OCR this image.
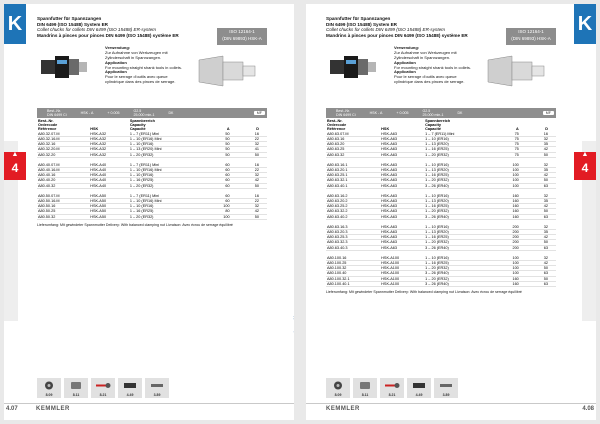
K
▲
4
Spannfutter für Spannzangen
DIN 6499 (ISO 15488) System ER
Collet chucks for collets DIN 6499 (ISO 15488) ER-system
Mandrins à pinces pour pinces DIN 6499 (ISO 15488) système ER
ISO 12164-1
(DIN 69893) HSK-A
Verwendung:
Zur Aufnahme von Werkzeugen mit
Zylinderschaft in Spannzangen.
Application
For mounting straight shank tools in collets.
Application
Pour le serrage d'outils avec queue
cylindrique dans des pinces de serrage.
Best.-Nr.
DIN 6499 Ci	HSK - A	+ 0.005	G2.5
25.000 min-1	DK	MF
Best.-Nr.
Ordercode
Référence	HSK	Spannbereich
Capacity
Capacité	A	D
A80.32.07.M	HSK-A32	1 – 7 (ER11) Mini	50	16
A80.32.16.M	HSK-A32	1 – 10 (ER16) Mini	50	22
A80.32.16	HSK-A32	1 – 10 (ER16)	50	32
A80.32.20.M	HSK-A32	1 – 13 (ER20) Mini	50	41
A80.32.20	HSK-A32	1 – 20 (ER32)	50	50

A80.40.07.M	HSK-A40	1 – 7 (ER11) Mini	60	16
A80.40.16.M	HSK-A40	1 – 10 (ER16) Mini	60	22
A80.40.16	HSK-A40	1 – 10 (ER16)	60	32
A80.40.20	HSK-A40	1 – 16 (ER25)	60	42
A80.40.32	HSK-A40	1 – 20 (ER32)	60	50

A80.50.07.M	HSK-A50	1 – 7 (ER11) Mini	60	16
A80.50.16.M	HSK-A50	1 – 10 (ER16) Mini	60	22
A80.50.16	HSK-A50	1 – 10 (ER16)	100	32
A80.50.25	HSK-A50	1 – 16 (ER25)	80	42
A80.50.32	HSK-A50	1 – 20 (ER32)	100	50
Lieferumfang: Mit gewindeter Spannmutter Delivery: With balanced clamping nut Livraison: Avec écrou de serrage équilibré
8.09	8.11	8.21	4.49	3.89
4.07	KEMMLER
K
▲
4
Spannfutter für Spannzangen
DIN 6499 (ISO 15488) System ER
Collet chucks for collets DIN 6499 (ISO 15488) ER-system
Mandrins à pinces pour pinces DIN 6499 (ISO 15488) système ER
ISO 12164-1
(DIN 69893) HSK-A
Verwendung:
Zur Aufnahme von Werkzeugen mit
Zylinderschaft in Spannzangen.
Application
For mounting straight shank tools in collets.
Application
Pour le serrage d'outils avec queue
cylindrique dans des pinces de serrage.
Best.-Nr.
DIN 6499 Ci	HSK - A	+ 0.005	G2.5
25.000 min-1	DK	MF
Best.-Nr.
Ordercode
Référence	HSK	Spannbereich
Capacity
Capacité	A	D
A80.63.07.M	HSK-A63	1 – 7 (ER11) Mini	75	16
A80.63.16	HSK-A63	1 – 10 (ER16)	75	32
A80.63.20	HSK-A63	1 – 13 (ER20)	75	35
A80.63.25	HSK-A63	1 – 16 (ER25)	75	42
A80.63.32	HSK-A63	1 – 20 (ER32)	75	50

A80.63.16.1	HSK-A63	1 – 10 (ER16)	100	32
A80.63.20.1	HSK-A63	1 – 13 (ER20)	100	35
A80.63.25.1	HSK-A63	1 – 16 (ER25)	100	42
A80.63.32.1	HSK-A63	1 – 20 (ER32)	100	50
A80.63.40.1	HSK-A63	3 – 26 (ER40)	100	63

A80.63.16.2	HSK-A63	1 – 10 (ER16)	160	32
A80.63.20.2	HSK-A63	1 – 13 (ER20)	160	35
A80.63.25.2	HSK-A63	1 – 16 (ER25)	160	42
A80.63.32.2	HSK-A63	1 – 20 (ER32)	160	50
A80.63.40.2	HSK-A63	3 – 26 (ER40)	160	63

A80.63.16.3	HSK-A63	1 – 10 (ER16)	200	32
A80.63.20.3	HSK-A63	1 – 13 (ER20)	200	35
A80.63.25.3	HSK-A63	1 – 16 (ER25)	200	42
A80.63.32.3	HSK-A63	1 – 20 (ER32)	200	50
A80.63.40.3	HSK-A63	3 – 26 (ER40)	200	63

A80.100.16	HSK-A100	1 – 10 (ER16)	100	32
A80.100.25	HSK-A100	1 – 16 (ER25)	100	42
A80.100.32	HSK-A100	1 – 20 (ER32)	100	50
A80.100.40	HSK-A100	3 – 26 (ER40)	100	63
A80.100.32.1	HSK-A100	1 – 20 (ER32)	160	50
A80.100.40.1	HSK-A100	3 – 26 (ER40)	160	63
Lieferumfang: Mit gewindeter Spannmutter Delivery: With balanced clamping nut Livraison: Avec écrou de serrage équilibré
8.09	8.11	8.21	4.49	3.89
KEMMLER	4.08
